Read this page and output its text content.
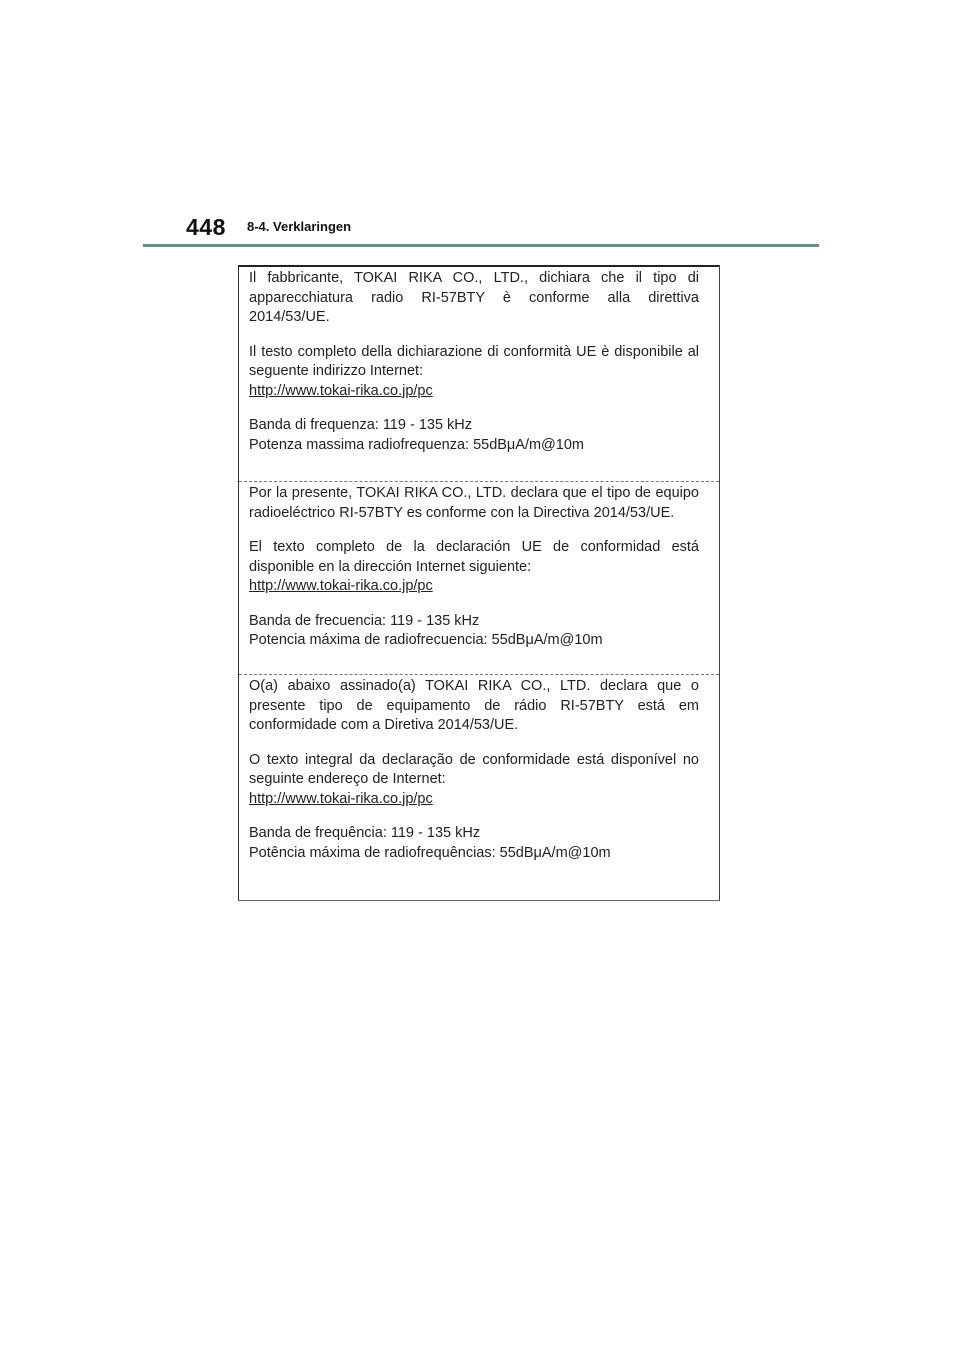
448 8-4. Verklaringen

Il fabbricante, TOKAI RIKA CO., LTD., dichiara che il tipo di apparecchiatura radio RI-57BTY è conforme alla direttiva 2014/53/UE.

Il testo completo della dichiarazione di conformità UE è disponibile al seguente indirizzo Internet:

http://www.tokai-rika.co.jp/pc

Banda di frequenza: 119 - 135 kHz

Potenza massima radiofrequenza: 55dBμA/m@10m

Por la presente, TOKAI RIKA CO., LTD. declara que el tipo de equipo radioeléctrico RI-57BTY es conforme con la Directiva 2014/53/UE.

El texto completo de la declaración UE de conformidad está disponible en la dirección Internet siguiente:

http://www.tokai-rika.co.jp/pc

Banda de frecuencia: 119 - 135 kHz

Potencia máxima de radiofrecuencia: 55dBμA/m@10m

O(a) abaixo assinado(a) TOKAI RIKA CO., LTD. declara que o presente tipo de equipamento de rádio RI-57BTY está em conformidade com a Diretiva 2014/53/UE.

O texto integral da declaração de conformidade está disponível no seguinte endereço de Internet:

http://www.tokai-rika.co.jp/pc

Banda de frequência: 119 - 135 kHz

Potência máxima de radiofrequências: 55dBμA/m@10m
